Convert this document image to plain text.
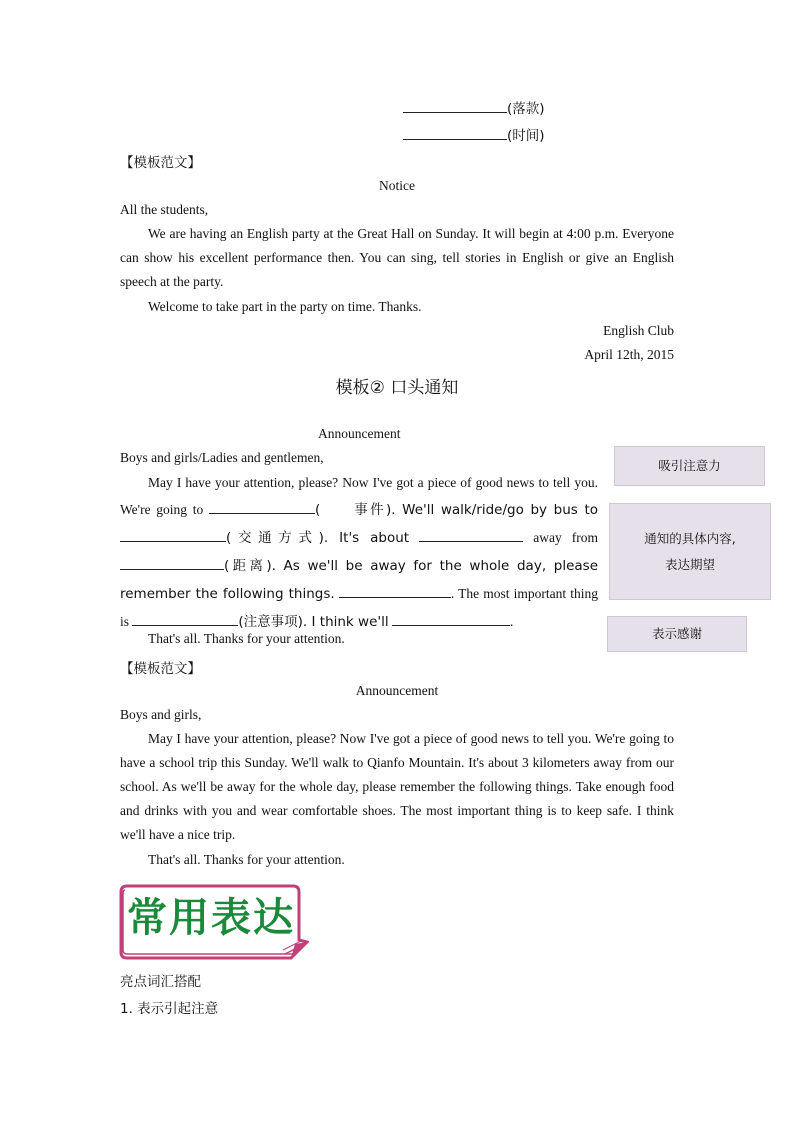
(落款)
(时间)
【模板范文】
Notice
All the students,
We are having an English party at the Great Hall on Sunday. It will begin at 4:00 p.m. Everyone can show his excellent performance then. You can sing, tell stories in English or give an English speech at the party.
Welcome to take part in the party on time. Thanks.
English Club
April 12th, 2015
模板② 口头通知
Announcement
Boys and girls/Ladies and gentlemen,
May I have your attention, please? Now I've got a piece of good news to tell you. We're going to	(　　事件). We'll walk/ride/go by bus to (交通方式). It's about	away from (距离). As we'll be away for the whole day, please remember the following things.	. The most important thing is	(注意事项). I think we'll	.
That's all. Thanks for your attention.
吸引注意力
通知的具体内容,
表达期望
表示感谢
【模板范文】
Announcement
Boys and girls,
May I have your attention, please? Now I've got a piece of good news to tell you. We're going to have a school trip this Sunday. We'll walk to Qianfo Mountain. It's about 3 kilometers away from our school. As we'll be away for the whole day, please remember the following things. Take enough food and drinks with you and wear comfortable shoes. The most important thing is to keep safe. I think we'll have a nice trip.
That's all. Thanks for your attention.
常用表达
亮点词汇搭配
1. 表示引起注意
